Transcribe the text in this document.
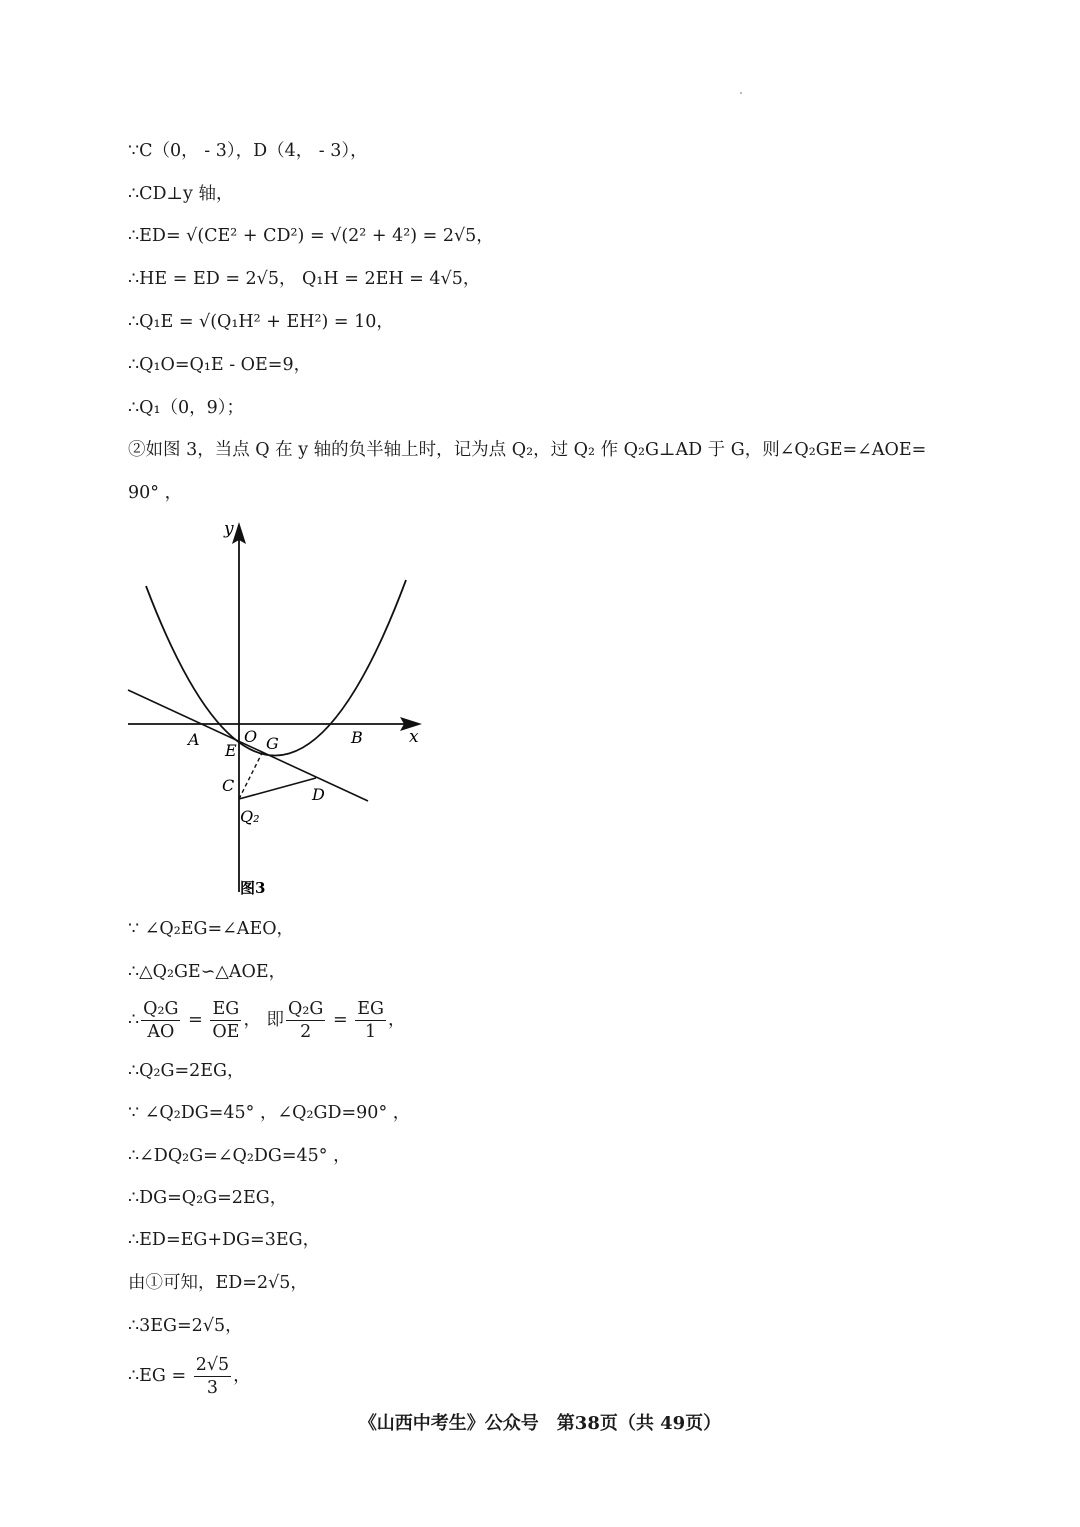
∵C（0， - 3），D（4， - 3），
∴CD⊥y 轴，
∴ED= √(CE² + CD²) = √(2² + 4²) = 2√5，
∴HE = ED = 2√5， Q₁H = 2EH = 4√5，
∴Q₁E = √(Q₁H² + EH²) = 10，
∴Q₁O=Q₁E - OE=9，
∴Q₁（0，9）；
②如图 3，当点 Q 在 y 轴的负半轴上时，记为点 Q₂，过 Q₂ 作 Q₂G⊥AD 于 G，则∠Q₂GE=∠AOE=
90° ，
y
x
A	O G	B
E
C	D
Q₂
图3
∵ ∠Q₂EG=∠AEO，
∴△Q₂GE∽△AOE，
∴ $\frac{\text{Q₂G}}{AO} = \frac{EG}{OE}$ ， 即 $\frac{\text{Q₂G}}{2} = \frac{EG}{1}$ ，
∴Q₂G=2EG，
∵ ∠Q₂DG=45° ，∠Q₂GD=90° ，
∴∠DQ₂G=∠Q₂DG=45° ，
∴DG=Q₂G=2EG，
∴ED=EG+DG=3EG，
由①可知，ED=2√5，
∴3EG=2√5，
∴EG = $\frac{2√5}{3}$ ，
《山西中考生》公众号　第38页（共 49页）
